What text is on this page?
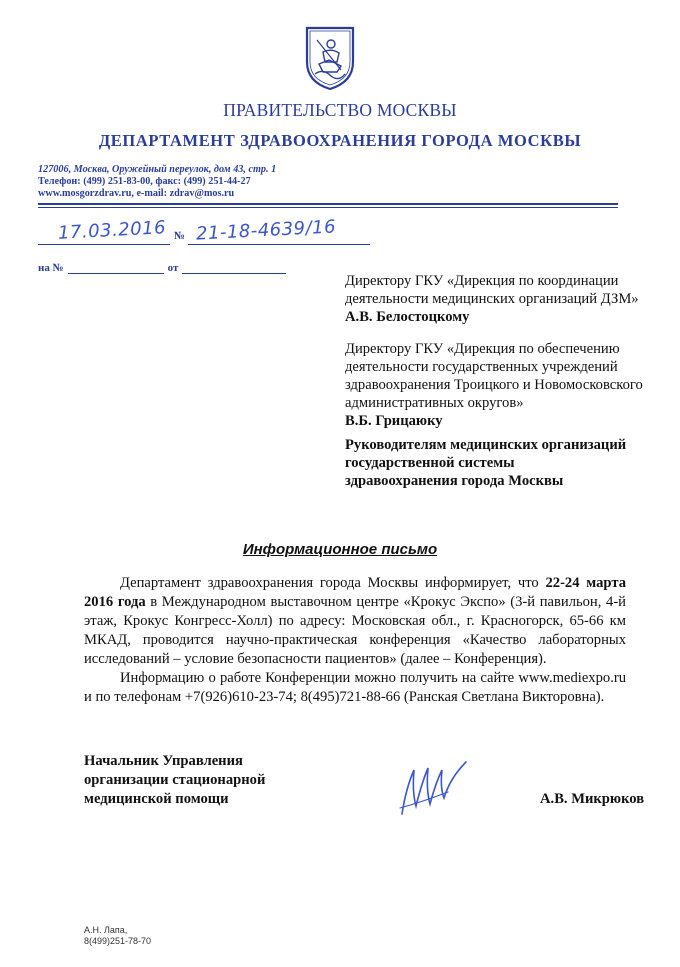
ПРАВИТЕЛЬСТВО МОСКВЫ
ДЕПАРТАМЕНТ ЗДРАВООХРАНЕНИЯ ГОРОДА МОСКВЫ
127006, Москва, Оружейный переулок, дом 43, стр. 1
Телефон: (499) 251-83-00, факс: (499) 251-44-27
www.mosgorzdrav.ru, e-mail: zdrav@mos.ru
17.03.2016 № 21-18-4639/16
на №	от
Директору ГКУ «Дирекция по координации
деятельности медицинских организаций ДЗМ»
А.В. Белостоцкому
Директору ГКУ «Дирекция по обеспечению
деятельности государственных учреждений
здравоохранения Троицкого и Новомосковского
административных округов»
В.Б. Грицаюку
Руководителям медицинских организаций
государственной системы
здравоохранения города Москвы
Информационное письмо

Департамент здравоохранения города Москвы информирует, что 22-24 марта 2016 года в Международном выставочном центре «Крокус Экспо» (3-й павильон, 4-й этаж, Крокус Конгресс-Холл) по адресу: Московская обл., г. Красногорск, 65-66 км МКАД, проводится научно-практическая конференция «Качество лабораторных исследований – условие безопасности пациентов» (далее – Конференция).

Информацию о работе Конференции можно получить на сайте www.mediexpo.ru и по телефонам +7(926)610-23-74; 8(495)721-88-66 (Ранская Светлана Викторовна).

Начальник Управления
организации стационарной
медицинской помощи	А.В. Микрюков
А.Н. Лапа,
8(499)251-78-70
